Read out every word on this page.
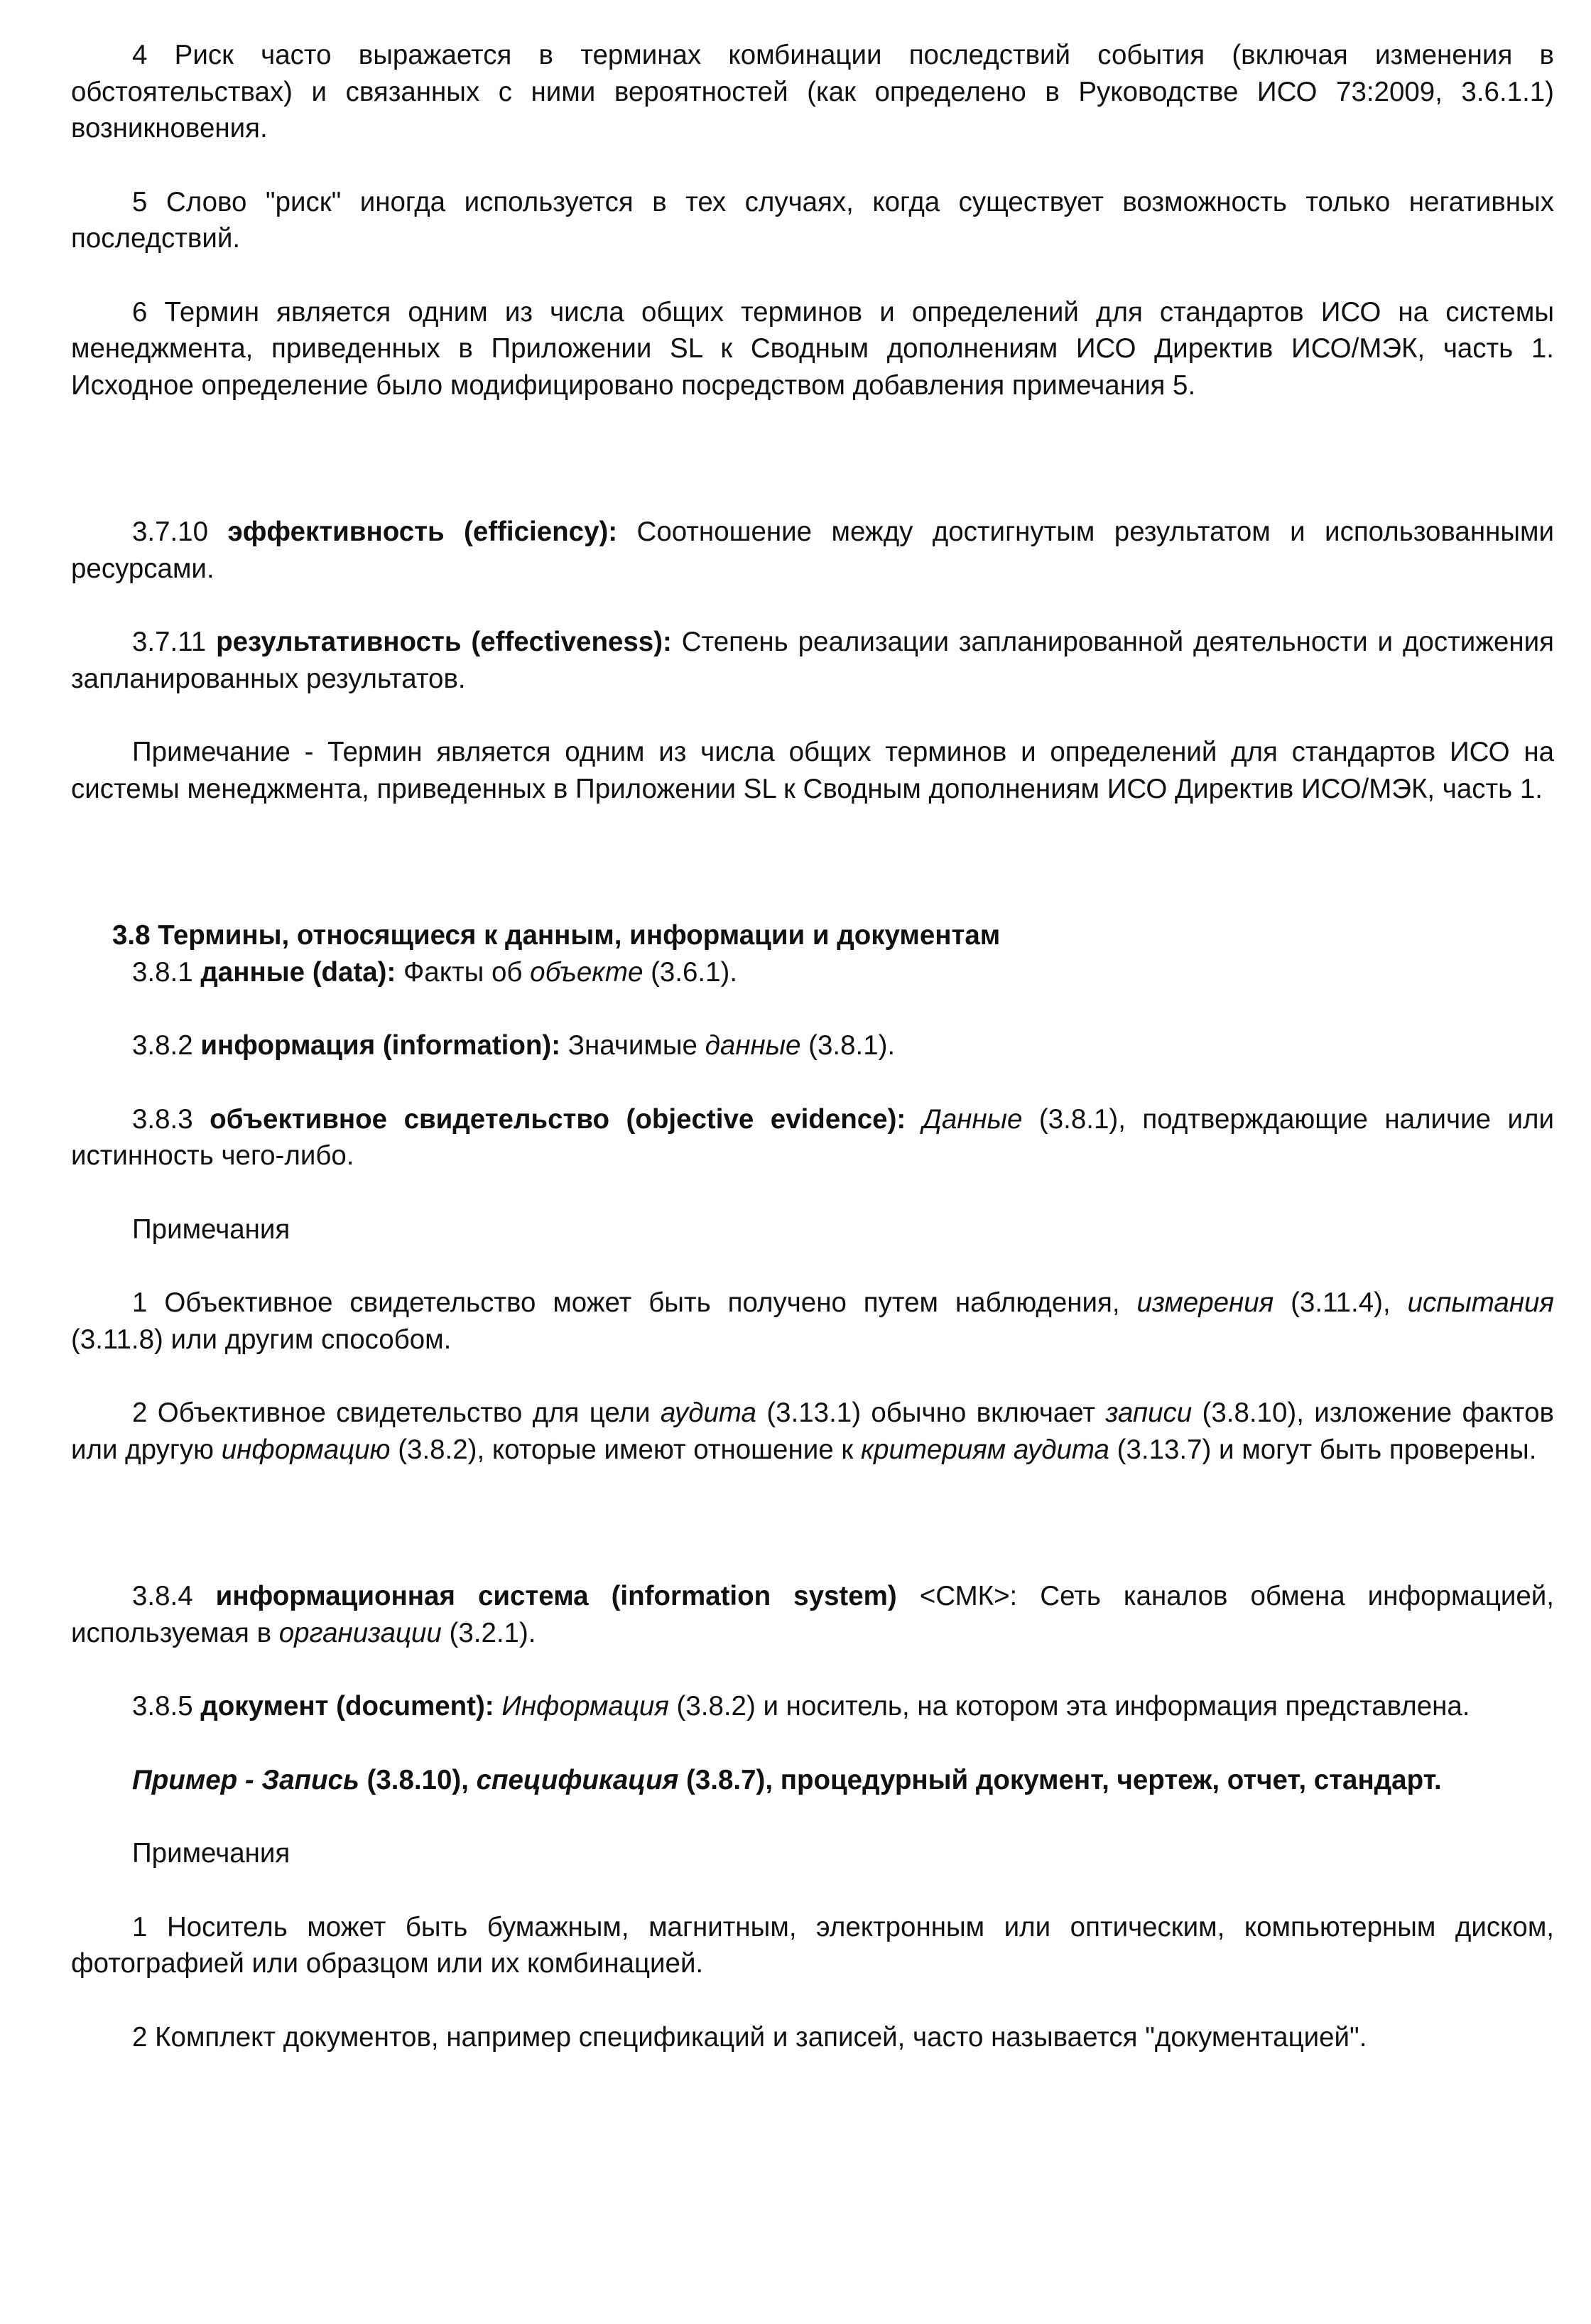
4 Риск часто выражается в терминах комбинации последствий события (включая изменения в обстоятельствах) и связанных с ними вероятностей (как определено в Руководстве ИСО 73:2009, 3.6.1.1) возникновения.

5 Слово "риск" иногда используется в тех случаях, когда существует возможность только негативных последствий.

6 Термин является одним из числа общих терминов и определений для стандартов ИСО на системы менеджмента, приведенных в Приложении SL к Сводным дополнениям ИСО Директив ИСО/МЭК, часть 1. Исходное определение было модифицировано посредством добавления примечания 5.

3.7.10 эффективность (efficiency): Соотношение между достигнутым результатом и использованными ресурсами.

3.7.11 результативность (effectiveness): Степень реализации запланированной деятельности и достижения запланированных результатов.

Примечание - Термин является одним из числа общих терминов и определений для стандартов ИСО на системы менеджмента, приведенных в Приложении SL к Сводным дополнениям ИСО Директив ИСО/МЭК, часть 1.

3.8 Термины, относящиеся к данным, информации и документам

3.8.1 данные (data): Факты об объекте (3.6.1).

3.8.2 информация (information): Значимые данные (3.8.1).

3.8.3 объективное свидетельство (objective evidence): Данные (3.8.1), подтверждающие наличие или истинность чего-либо.

Примечания

1 Объективное свидетельство может быть получено путем наблюдения, измерения (3.11.4), испытания (3.11.8) или другим способом.

2 Объективное свидетельство для цели аудита (3.13.1) обычно включает записи (3.8.10), изложение фактов или другую информацию (3.8.2), которые имеют отношение к критериям аудита (3.13.7) и могут быть проверены.

3.8.4 информационная система (information system) <СМК>: Сеть каналов обмена информацией, используемая в организации (3.2.1).

3.8.5 документ (document): Информация (3.8.2) и носитель, на котором эта информация представлена.

Пример - Запись (3.8.10), спецификация (3.8.7), процедурный документ, чертеж, отчет, стандарт.

Примечания

1 Носитель может быть бумажным, магнитным, электронным или оптическим, компьютерным диском, фотографией или образцом или их комбинацией.

2 Комплект документов, например спецификаций и записей, часто называется "документацией".
